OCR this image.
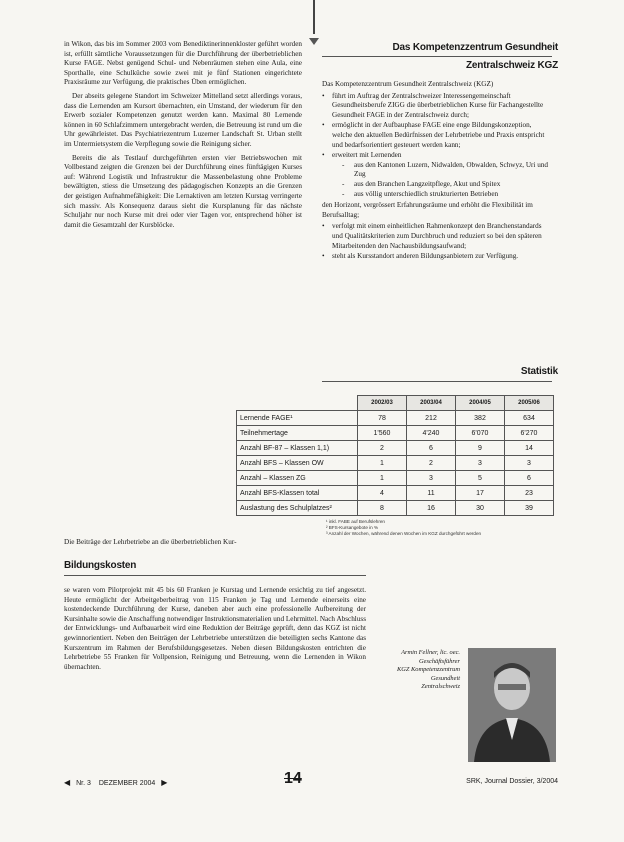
in Wikon, das bis im Sommer 2003 vom Benediktinerinnenkloster geführt worden ist, erfüllt sämtliche Voraussetzungen für die Durchführung der überbetrieblichen Kurse FAGE. Nebst genügend Schul- und Nebenräumen stehen eine Aula, eine Sporthalle, eine Schulküche sowie zwei mit je fünf Stationen eingerichtete Praxisräume zur Verfügung, die praktisches Üben ermöglichen.

Der abseits gelegene Standort im Schweizer Mittelland setzt allerdings voraus, dass die Lernenden am Kursort übernachten, ein Umstand, der wiederum für den Erwerb sozialer Kompetenzen genutzt werden kann. Maximal 80 Lernende können in 60 Schlafzimmern untergebracht werden, die Betreuung ist rund um die Uhr gewährleistet. Das Psychiatriezentrum Luzerner Landschaft St. Urban stellt im Untermietsystem die Verpflegung sowie die Reinigung sicher.

Bereits die als Testlauf durchgeführten ersten vier Betriebswochen mit Vollbestand zeigten die Grenzen bei der Durchführung eines fünftägigen Kurses auf: Während Logistik und Infrastruktur die Massenbelastung ohne Probleme bewältigten, stiess die Umsetzung des pädagogischen Konzepts an die Grenzen der geistigen Aufnahmefähigkeit: Die Lernaktiven am letzten Kurstag verringerte sich massiv. Als Konsequenz daraus sieht die Kursplanung für das nächste Schuljahr nur noch Kurse mit drei oder vier Tagen vor, entsprechend höher ist damit die Gesamtzahl der Kursblöcke.

Das Kompetenzzentrum Gesundheit
Zentralschweiz KGZ
Das Kompetenzzentrum Gesundheit Zentralschweiz (KGZ)
• führt im Auftrag der Zentralschweizer Interessengemeinschaft Gesundheitsberufe ZIGG die überbetrieblichen Kurse für Fachangestellte Gesundheit FAGE in der Zentralschweiz durch;
• ermöglicht in der Aufbauphase FAGE eine enge Bildungskonzeption, welche den aktuellen Bedürfnissen der Lehrbetriebe und Praxis entspricht und bedarfsorientiert gesteuert werden kann;
• erweitert mit Lernenden
- aus den Kantonen Luzern, Nidwalden, Obwalden, Schwyz, Uri und Zug
- aus den Branchen Langzeitpflege, Akut und Spitex
- aus völlig unterschiedlich strukturierten Betrieben
den Horizont, vergrössert Erfahrungsräume und erhöht die Flexibilität im Berufsalltag;
• verfolgt mit einem einheitlichen Rahmenkonzept den Branchenstandards und Qualitätskriterien zum Durchbruch und reduziert so bei den späteren Mitarbeitenden den Nachausbildungsaufwand;
• steht als Kursstandort anderen Bildungsanbietern zur Verfügung.
Statistik
	2002/03	2003/04	2004/05	2005/06
Lernende FAGE¹	78	212	382	634
Teilnehmertage	1'560	4'240	6'070	6'270
Anzahl BF-87 – Klassen 1,1)	2	6	9	14
Anzahl BFS – Klassen OW	1	2	3	3
Anzahl – Klassen ZG	1	3	5	6
Anzahl BFS-Klassen total	4	11	17	23
Auslastung des Schulplatzes²	8	16	30	39
¹ inkl. FABE auf Berufslehren
² BFS-Kursangebote in %
³ Anzahl der Wochen, während denen Wochen im KGZ durchgeführt werden
Die Beiträge der Lehrbetriebe an die überbetrieblichen Kur-
Bildungskosten
se waren vom Pilotprojekt mit 45 bis 60 Franken je Kurstag und Lernende ersichtig zu tief angesetzt. Heute ermöglicht der Arbeitgeberbeitrag von 115 Franken je Tag und Lernende einerseits eine kostendeckende Durchführung der Kurse, daneben aber auch eine professionelle Aufbereitung der Kursinhalte sowie die Anschaffung notwendiger Instruktionsmaterialien und Lehrmittel. Nach Abschluss der Entwicklungs- und Aufbauarbeit wird eine Reduktion der Beiträge geprüft, denn das KGZ ist nicht gewinnorientiert. Neben den Beiträgen der Lehrbetriebe unterstützen die beteiligten sechs Kantone das Kurszentrum im Rahmen der Berufsbildungsgesetzes. Neben diesen Bildungskosten entrichten die Lehrbetriebe 55 Franken für Vollpension, Reinigung und Betreuung, wenn die Lernenden in Wikon übernachten.
Armin Fellner, lic. oec.
Geschäftsführer
KGZ Kompetenzzentrum Gesundheit
Zentralschweiz
◀ Nr. 3 DEZEMBER 2004 ▶	14	SRK, Journal Dossier, 3/2004
